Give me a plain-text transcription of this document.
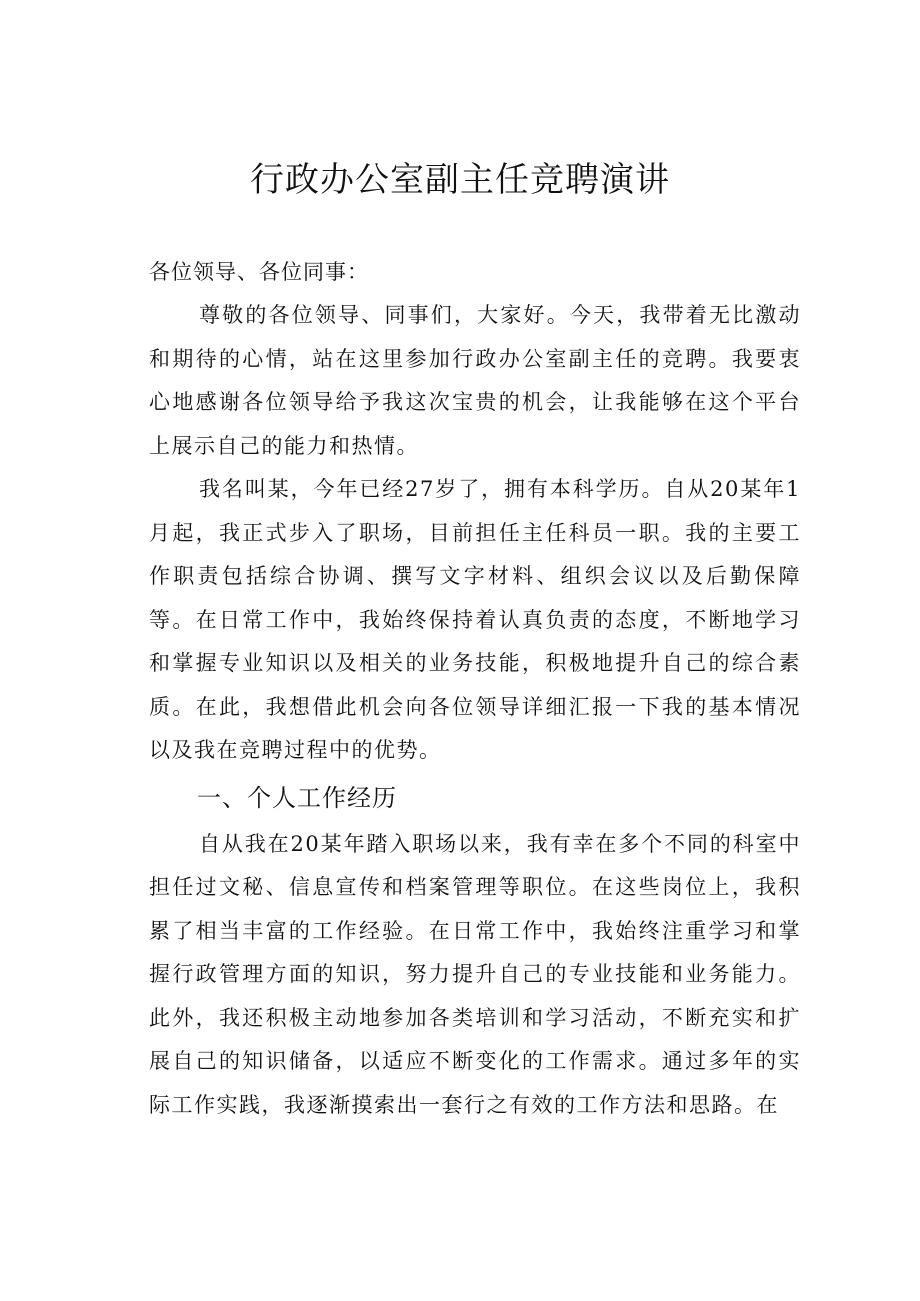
行政办公室副主任竞聘演讲

各位领导、各位同事：

尊敬的各位领导、同事们，大家好。今天，我带着无比激动和期待的心情，站在这里参加行政办公室副主任的竞聘。我要衷心地感谢各位领导给予我这次宝贵的机会，让我能够在这个平台上展示自己的能力和热情。

我名叫某，今年已经27岁了，拥有本科学历。自从20某年1月起，我正式步入了职场，目前担任主任科员一职。我的主要工作职责包括综合协调、撰写文字材料、组织会议以及后勤保障等。在日常工作中，我始终保持着认真负责的态度，不断地学习和掌握专业知识以及相关的业务技能，积极地提升自己的综合素质。在此，我想借此机会向各位领导详细汇报一下我的基本情况以及我在竞聘过程中的优势。

一、个人工作经历

自从我在20某年踏入职场以来，我有幸在多个不同的科室中担任过文秘、信息宣传和档案管理等职位。在这些岗位上，我积累了相当丰富的工作经验。在日常工作中，我始终注重学习和掌握行政管理方面的知识，努力提升自己的专业技能和业务能力。此外，我还积极主动地参加各类培训和学习活动，不断充实和扩展自己的知识储备，以适应不断变化的工作需求。通过多年的实际工作实践，我逐渐摸索出一套行之有效的工作方法和思路。在
